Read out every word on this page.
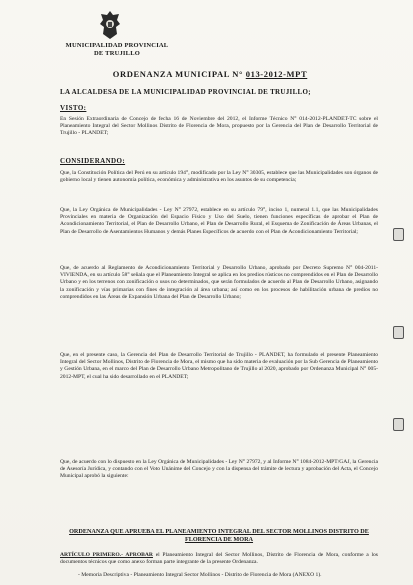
MUNICIPALIDAD PROVINCIAL
DE TRUJILLO
ORDENANZA MUNICIPAL N° 013-2012-MPT
LA ALCALDESA DE LA MUNICIPALIDAD PROVINCIAL DE TRUJILLO;
VISTO:
En Sesión Extraordinaria de Concejo de fecha 16 de Noviembre del 2012, el Informe Técnico N° 014-2012-PLANDET-TC sobre el Planeamiento Integral del Sector Mollinos Distrito de Florencia de Mora, propuesto por la Gerencia del Plan de Desarrollo Territorial de Trujillo - PLANDET;
CONSIDERANDO:
Que, la Constitución Política del Perú en su artículo 194°, modificado por la Ley N° 30305, establece que las Municipalidades son órganos de gobierno local y tienen autonomía política, económica y administrativa en los asuntos de su competencia;
Que, la Ley Orgánica de Municipalidades - Ley N° 27972, establece en su artículo 79°, inciso 1, numeral 1.1, que las Municipalidades Provinciales en materia de Organización del Espacio Físico y Uso del Suelo, tienen funciones específicas de aprobar el Plan de Acondicionamiento Territorial, el Plan de Desarrollo Urbano, el Plan de Desarrollo Rural, el Esquema de Zonificación de Áreas Urbanas, el Plan de Desarrollo de Asentamientos Humanos y demás Planes Específicos de acuerdo con el Plan de Acondicionamiento Territorial;
Que, de acuerdo al Reglamento de Acondicionamiento Territorial y Desarrollo Urbano, aprobado por Decreto Supremo N° 004-2011-VIVIENDA, en su artículo 58° señala que el Planeamiento Integral se aplica en los predios rústicos no comprendidos en el Plan de Desarrollo Urbano y en los terrenos con zonificación o usos no determinados, que serán formulados de acuerdo al Plan de Desarrollo Urbano, asignando la zonificación y vías primarias con fines de integración al área urbana; así como en los procesos de habilitación urbana de predios no comprendidos en las Áreas de Expansión Urbana del Plan de Desarrollo Urbano;
Que, en el presente caso, la Gerencia del Plan de Desarrollo Territorial de Trujillo - PLANDET, ha formulado el presente Planeamiento Integral del Sector Mollinos, Distrito de Florencia de Mora, el mismo que ha sido materia de evaluación por la Sub Gerencia de Planeamiento y Gestión Urbana, en el marco del Plan de Desarrollo Urbano Metropolitano de Trujillo al 2020, aprobado por Ordenanza Municipal N° 005-2012-MPT, el cual ha sido desarrollado en el PLANDET;
Que, de acuerdo con lo dispuesto en la Ley Orgánica de Municipalidades - Ley N° 27972, y al Informe N° 1084-2012-MPT/GAJ, la Gerencia de Asesoría Jurídica, y contando con el Voto Unánime del Concejo y con la dispensa del trámite de lectura y aprobación del Acta, el Concejo Municipal aprobó la siguiente:
ORDENANZA QUE APRUEBA EL PLANEAMIENTO INTEGRAL DEL SECTOR MOLLINOS DISTRITO DE FLORENCIA DE MORA
ARTÍCULO PRIMERO.- APROBAR el Planeamiento Integral del Sector Mollinos, Distrito de Florencia de Mora, conforme a los documentos técnicos que como anexo forman parte integrante de la presente Ordenanza.
- Memoria Descriptiva - Planeamiento Integral Sector Mollinos - Distrito de Florencia de Mora (ANEXO 1).
